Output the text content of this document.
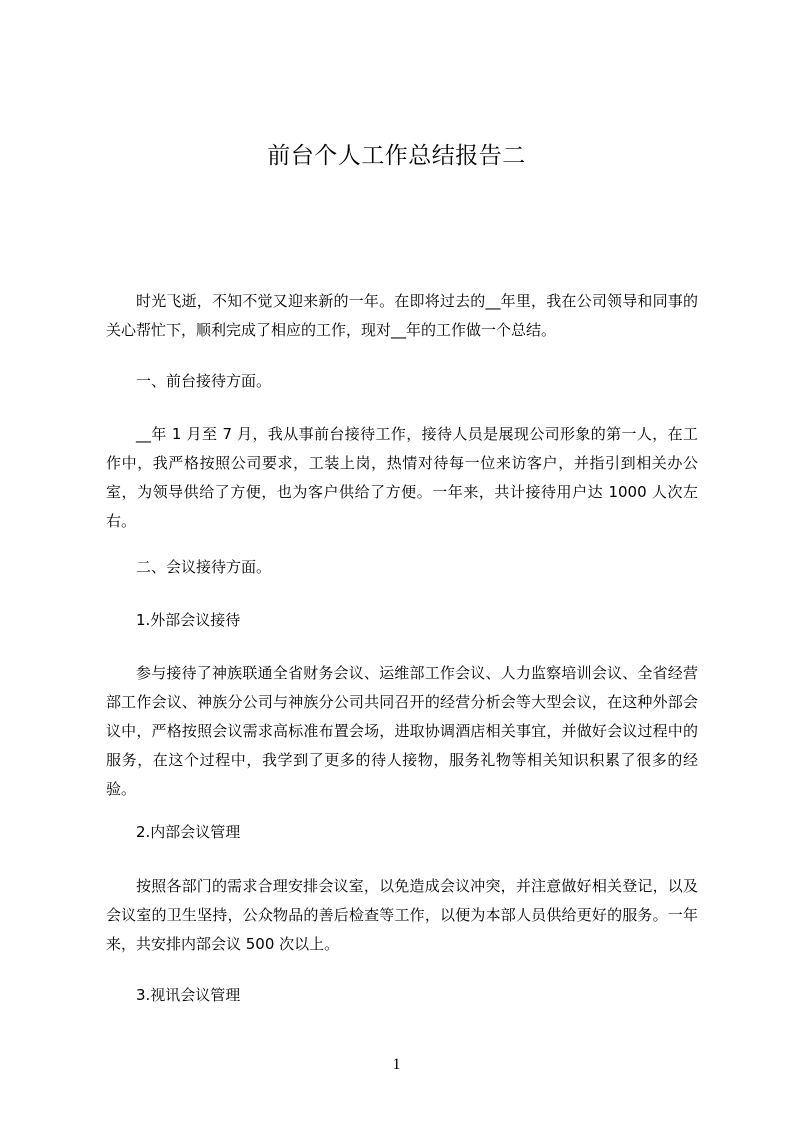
前台个人工作总结报告二

时光飞逝，不知不觉又迎来新的一年。在即将过去的__年里，我在公司领导和同事的关心帮忙下，顺利完成了相应的工作，现对__年的工作做一个总结。

一、前台接待方面。

__年 1 月至 7 月，我从事前台接待工作，接待人员是展现公司形象的第一人，在工作中，我严格按照公司要求，工装上岗，热情对待每一位来访客户，并指引到相关办公室，为领导供给了方便，也为客户供给了方便。一年来，共计接待用户达 1000 人次左右。

二、会议接待方面。

1.外部会议接待

参与接待了神族联通全省财务会议、运维部工作会议、人力监察培训会议、全省经营部工作会议、神族分公司与神族分公司共同召开的经营分析会等大型会议，在这种外部会议中，严格按照会议需求高标准布置会场，进取协调酒店相关事宜，并做好会议过程中的服务，在这个过程中，我学到了更多的待人接物，服务礼物等相关知识积累了很多的经验。

2.内部会议管理

按照各部门的需求合理安排会议室，以免造成会议冲突，并注意做好相关登记，以及会议室的卫生坚持，公众物品的善后检查等工作，以便为本部人员供给更好的服务。一年来，共安排内部会议 500 次以上。

3.视讯会议管理

1
